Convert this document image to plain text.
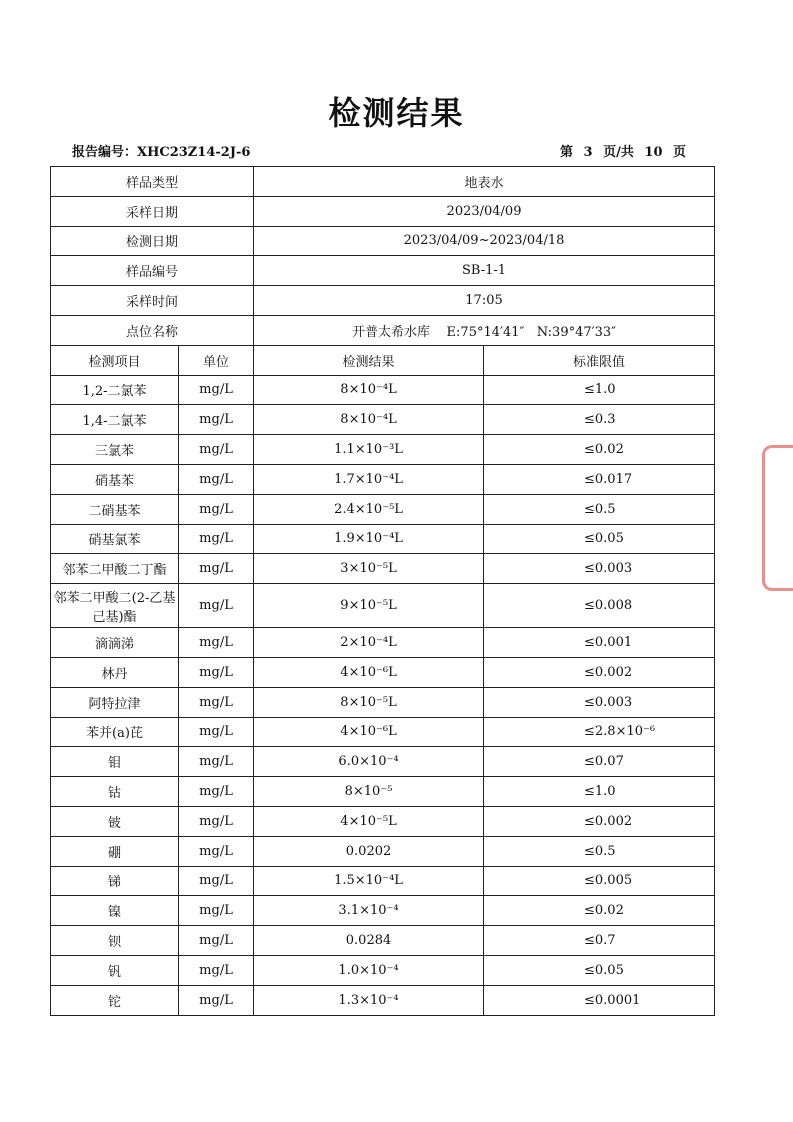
检测结果
报告编号：XHC23Z14-2J-6	第 3 页/共 10 页
样品类型		地表水	
采样日期		2023/04/09	
检测日期		2023/04/09~2023/04/18	
样品编号		SB-1-1	
采样时间		17:05	
点位名称		开普太希水库    E:75°14′41″   N:39°47′33″	
检测项目	单位	检测结果	标准限值
1,2-二氯苯	mg/L	8×10⁻⁴L	≤1.0
1,4-二氯苯	mg/L	8×10⁻⁴L	≤0.3
三氯苯	mg/L	1.1×10⁻³L	≤0.02
硝基苯	mg/L	1.7×10⁻⁴L	≤0.017
二硝基苯	mg/L	2.4×10⁻⁵L	≤0.5
硝基氯苯	mg/L	1.9×10⁻⁴L	≤0.05
邻苯二甲酸二丁酯	mg/L	3×10⁻⁵L	≤0.003
邻苯二甲酸二(2-乙基己基)酯	mg/L	9×10⁻⁵L	≤0.008
滴滴涕	mg/L	2×10⁻⁴L	≤0.001
林丹	mg/L	4×10⁻⁶L	≤0.002
阿特拉津	mg/L	8×10⁻⁵L	≤0.003
苯并(a)芘	mg/L	4×10⁻⁶L	≤2.8×10⁻⁶
钼	mg/L	6.0×10⁻⁴	≤0.07
钴	mg/L	8×10⁻⁵	≤1.0
铍	mg/L	4×10⁻⁵L	≤0.002
硼	mg/L	0.0202	≤0.5
锑	mg/L	1.5×10⁻⁴L	≤0.005
镍	mg/L	3.1×10⁻⁴	≤0.02
钡	mg/L	0.0284	≤0.7
钒	mg/L	1.0×10⁻⁴	≤0.05
铊	mg/L	1.3×10⁻⁴	≤0.0001
